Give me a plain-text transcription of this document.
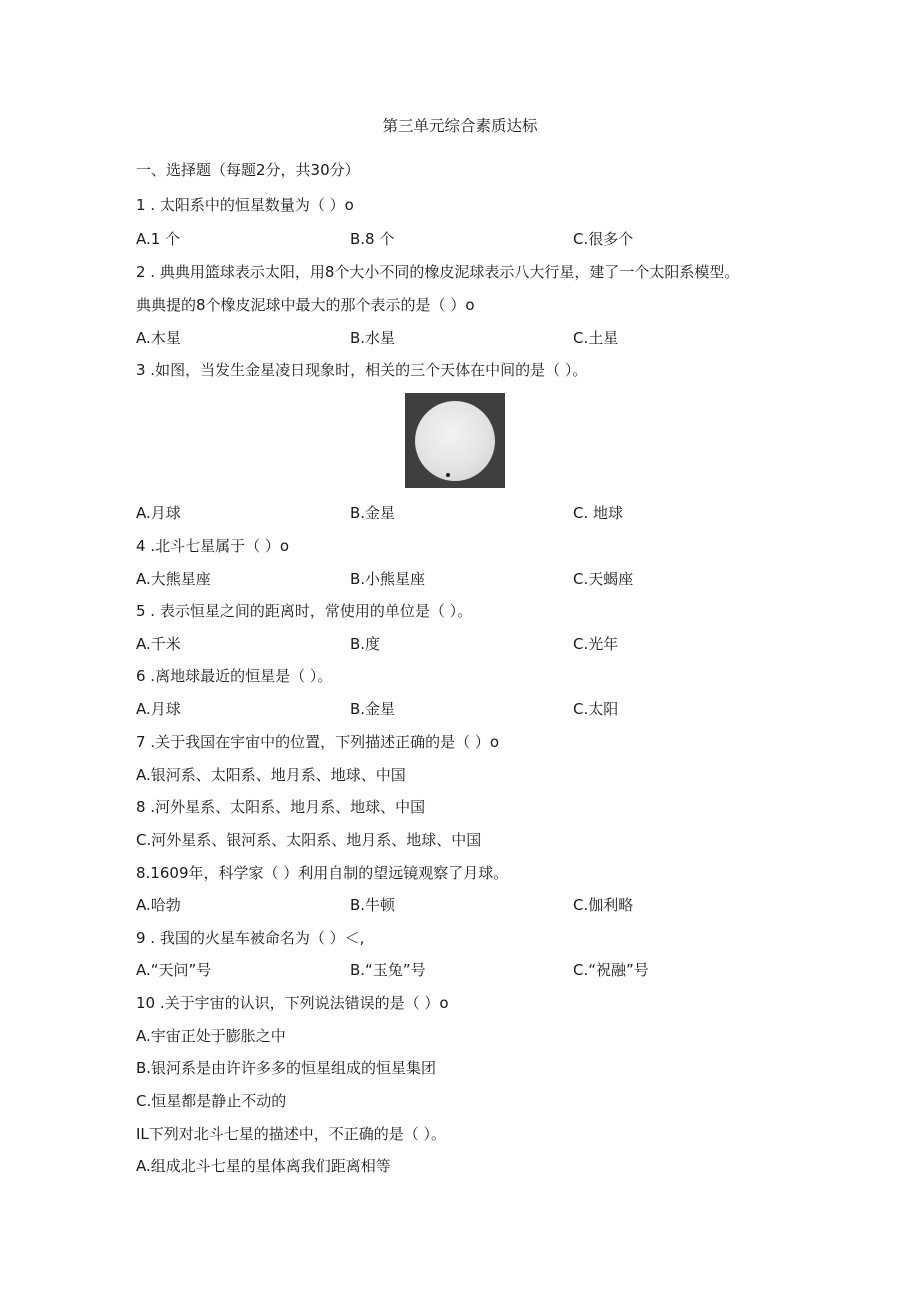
第三单元综合素质达标
一、选择题（每题2分，共30分）
1 . 太阳系中的恒星数量为（ ）o
A.1 个	B.8 个	C.很多个
2 . 典典用篮球表示太阳，用8个大小不同的橡皮泥球表示八大行星，建了一个太阳系模型。
典典提的8个橡皮泥球中最大的那个表示的是（ ）o
A.木星	B.水星	C.土星
3 .如图，当发生金星凌日现象时，相关的三个天体在中间的是（ ）。
A.月球	B.金星	C. 地球
4 .北斗七星属于（ ）o
A.大熊星座	B.小熊星座	C.天蝎座
5 . 表示恒星之间的距离时，常使用的单位是（ ）。
A.千米	B.度	C.光年
6 .离地球最近的恒星是（ ）。
A.月球	B.金星	C.太阳
7 .关于我国在宇宙中的位置，下列描述正确的是（ ）o
A.银河系、太阳系、地月系、地球、中国
8 .河外星系、太阳系、地月系、地球、中国
C.河外星系、银河系、太阳系、地月系、地球、中国
8.1609年，科学家（ ）利用自制的望远镜观察了月球。
A.哈勃	B.牛顿	C.伽利略
9 . 我国的火星车被命名为（ ）＜,
A.“天问”号	B.“玉兔”号	C.“祝融”号
10 .关于宇宙的认识，下列说法错误的是（ ）o
A.宇宙正处于膨胀之中
B.银河系是由许许多多的恒星组成的恒星集团
C.恒星都是静止不动的
IL下列对北斗七星的描述中，不正确的是（ ）。
A.组成北斗七星的星体离我们距离相等
